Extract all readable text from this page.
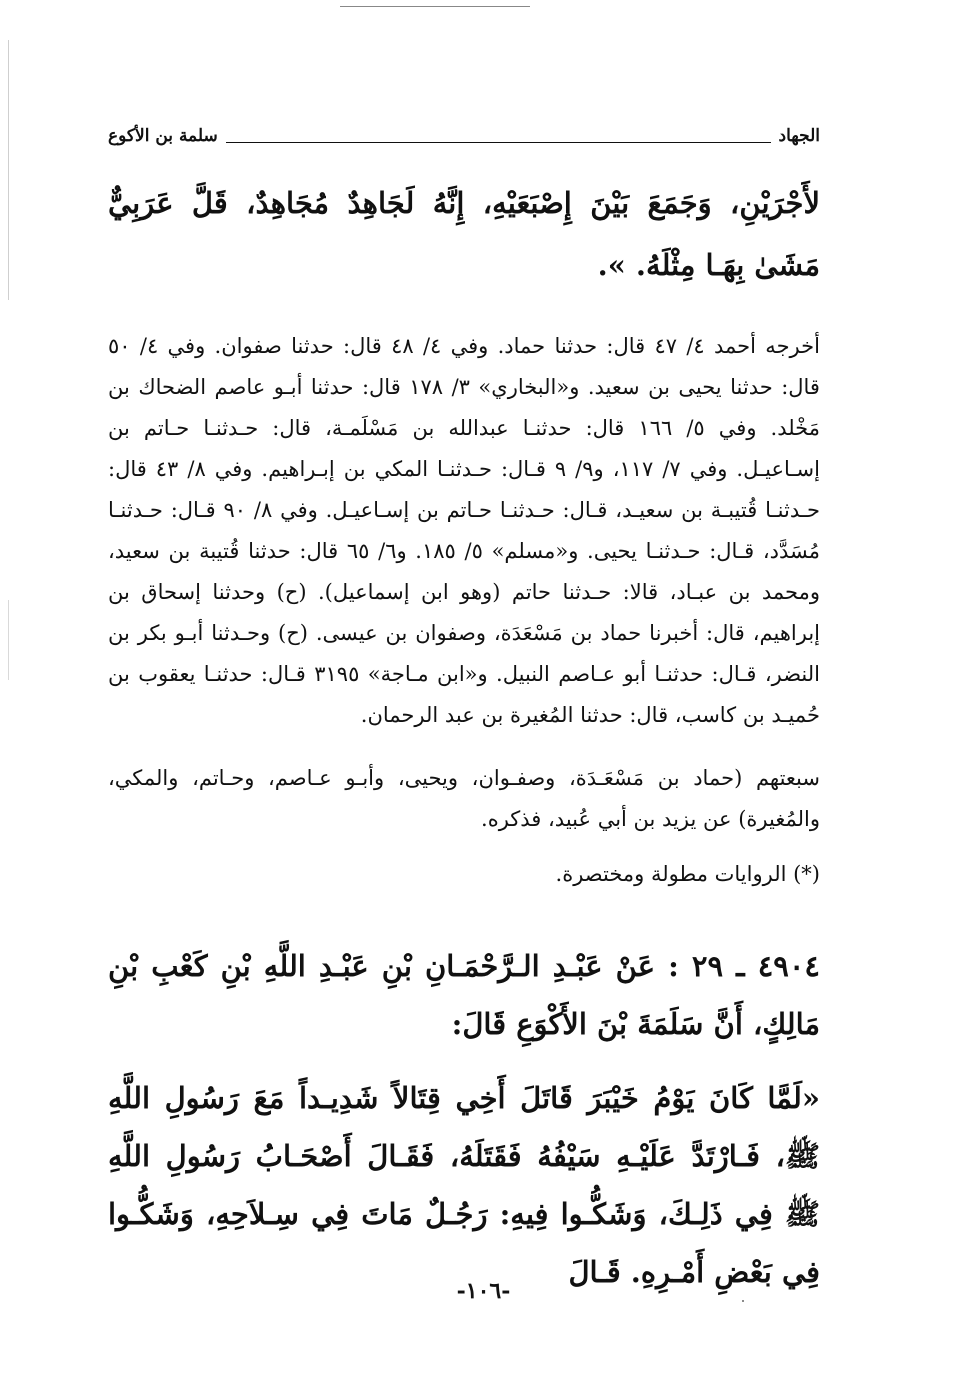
الجهاد
سلمة بن الأكوع

لأَجْرَيْنِ، وَجَمَعَ بَيْنَ إِصْبَعَيْهِ، إِنَّهُ لَجَاهِدٌ مُجَاهِدٌ، قَلَّ عَرَبِيٌّ مَشَىٰ بِهَـا مِثْلَهُ. ».

أخرجه أحمد ٤/ ٤٧ قال: حدثنا حماد. وفي ٤/ ٤٨ قال: حدثنا صفوان. وفي ٤/ ٥٠ قال: حدثنا يحيى بن سعيد. و«البخاري» ٣/ ١٧٨ قال: حدثنا أبـو عاصم الضحاك بن مَخْلد. وفي ٥/ ١٦٦ قال: حدثنـا عبدالله بن مَسْلَمـة، قال: حـدثنـا حـاتم بن إسـاعيـل. وفي ٧/ ١١٧، و٩/ ٩ قـال: حـدثنـا المكي بن إبـراهيم. وفي ٨/ ٤٣ قال: حـدثنـا قُتيبـة بن سعيـد، قـال: حـدثنـا حـاتم بن إسـاعيـل. وفي ٨/ ٩٠ قـال: حـدثنـا مُسَدَّد، قـال: حـدثنـا يحيى. و«مسلم» ٥/ ١٨٥. و٦/ ٦٥ قال: حدثنا قُتيبة بن سعيد، ومحمد بن عبـاد، قالا: حـدثنا حاتم (وهو ابن إسماعيل). (ح) وحدثنا إسحاق بن إبراهيم، قال: أخبرنا حماد بن مَسْعَدَة، وصفوان بن عيسى. (ح) وحـدثنا أبـو بكر بن النضر، قـال: حدثنـا أبو عـاصم النبيل. و«ابن مـاجة» ٣١٩٥ قـال: حدثنـا يعقوب بن حُميـد بن كاسب، قال: حدثنا المُغيرة بن عبد الرحمان.

سبعتهم (حماد بن مَسْعَـدَة، وصفـوان، ويحيى، وأبـو عـاصم، وحـاتم، والمكي، والمُغيرة) عن يزيد بن أبي عُبيد، فذكره.

(*) الروايات مطولة ومختصرة.

٤٩٠٤ ـ ٢٩ : عَنْ عَبْـدِ الـرَّحْمَـانِ بْنِ عَبْـدِ اللَّهِ بْنِ كَعْبِ بْنِ مَالِكٍ، أَنَّ سَلَمَةَ بْنَ الأَكْوَعِ قَالَ:

«لَمَّا كَانَ يَوْمُ خَيْبَرَ قَاتَلَ أَخِي قِتَالاً شَدِيـداً مَعَ رَسُولِ اللَّهِ ﷺ، فَـارْتَدَّ عَلَيْـهِ سَيْفُهُ فَقَتَلَهُ، فَقَـالَ أَصْحَـابُ رَسُولِ اللَّهِ ﷺ فِي ذَلِـكَ، وَشَكُّـوا فِيهِ: رَجُـلٌ مَاتَ فِي سِـلاَحِهِ، وَشَكُّـوا فِي بَعْضِ أَمْـرِهِ. قَـالَ

-١٠٦-
